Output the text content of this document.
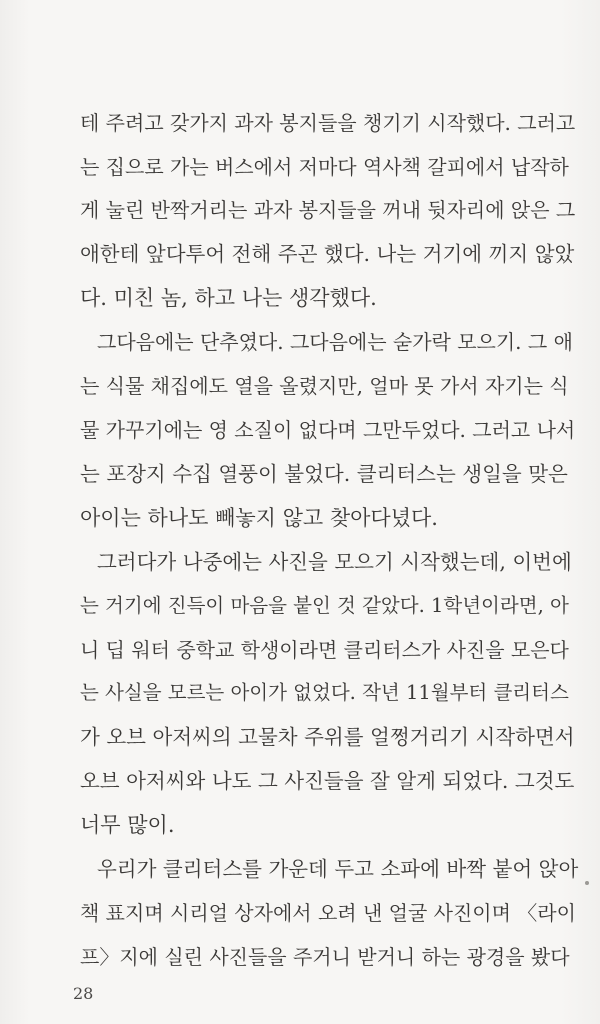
테 주려고 갖가지 과자 봉지들을 챙기기 시작했다. 그러고
는 집으로 가는 버스에서 저마다 역사책 갈피에서 납작하
게 눌린 반짝거리는 과자 봉지들을 꺼내 뒷자리에 앉은 그
애한테 앞다투어 전해 주곤 했다. 나는 거기에 끼지 않았
다. 미친 놈, 하고 나는 생각했다.
그다음에는 단추였다. 그다음에는 숟가락 모으기. 그 애
는 식물 채집에도 열을 올렸지만, 얼마 못 가서 자기는 식
물 가꾸기에는 영 소질이 없다며 그만두었다. 그러고 나서
는 포장지 수집 열풍이 불었다. 클리터스는 생일을 맞은
아이는 하나도 빼놓지 않고 찾아다녔다.
그러다가 나중에는 사진을 모으기 시작했는데, 이번에
는 거기에 진득이 마음을 붙인 것 같았다. 1학년이라면, 아
니 딥 워터 중학교 학생이라면 클리터스가 사진을 모은다
는 사실을 모르는 아이가 없었다. 작년 11월부터 클리터스
가 오브 아저씨의 고물차 주위를 얼쩡거리기 시작하면서
오브 아저씨와 나도 그 사진들을 잘 알게 되었다. 그것도
너무 많이.
우리가 클리터스를 가운데 두고 소파에 바짝 붙어 앉아
책 표지며 시리얼 상자에서 오려 낸 얼굴 사진이며 〈라이
프〉지에 실린 사진들을 주거니 받거니 하는 광경을 봤다
28
